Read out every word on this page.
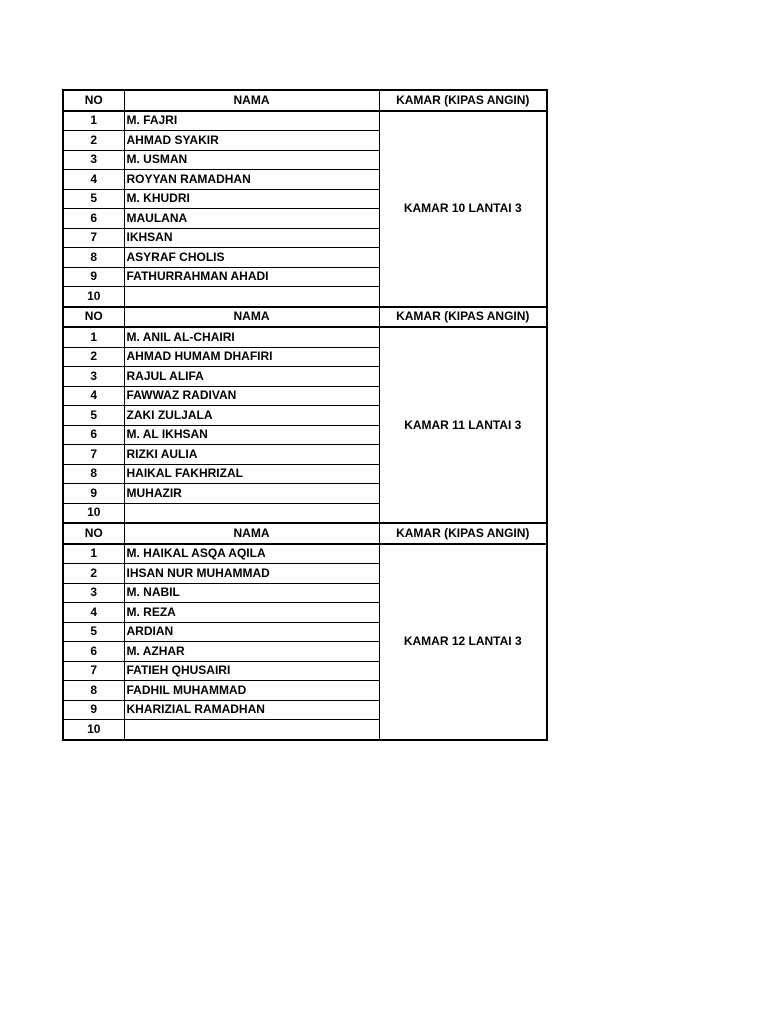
NO	NAMA	KAMAR (KIPAS ANGIN)
1	M. FAJRI	KAMAR 10 LANTAI 3
2	AHMAD SYAKIR	
3	M. USMAN	
4	ROYYAN RAMADHAN	
5	M. KHUDRI	
6	MAULANA	
7	IKHSAN	
8	ASYRAF CHOLIS	
9	FATHURRAHMAN AHADI	
10		
NO	NAMA	KAMAR (KIPAS ANGIN)
1	M. ANIL AL-CHAIRI	KAMAR 11 LANTAI 3
2	AHMAD HUMAM DHAFIRI	
3	RAJUL ALIFA	
4	FAWWAZ RADIVAN	
5	ZAKI ZULJALA	
6	M. AL IKHSAN	
7	RIZKI AULIA	
8	HAIKAL FAKHRIZAL	
9	MUHAZIR	
10		
NO	NAMA	KAMAR (KIPAS ANGIN)
1	M. HAIKAL ASQA AQILA	KAMAR 12 LANTAI 3
2	IHSAN NUR MUHAMMAD	
3	M. NABIL	
4	M. REZA	
5	ARDIAN	
6	M. AZHAR	
7	FATIEH QHUSAIRI	
8	FADHIL MUHAMMAD	
9	KHARIZIAL RAMADHAN	
10		
